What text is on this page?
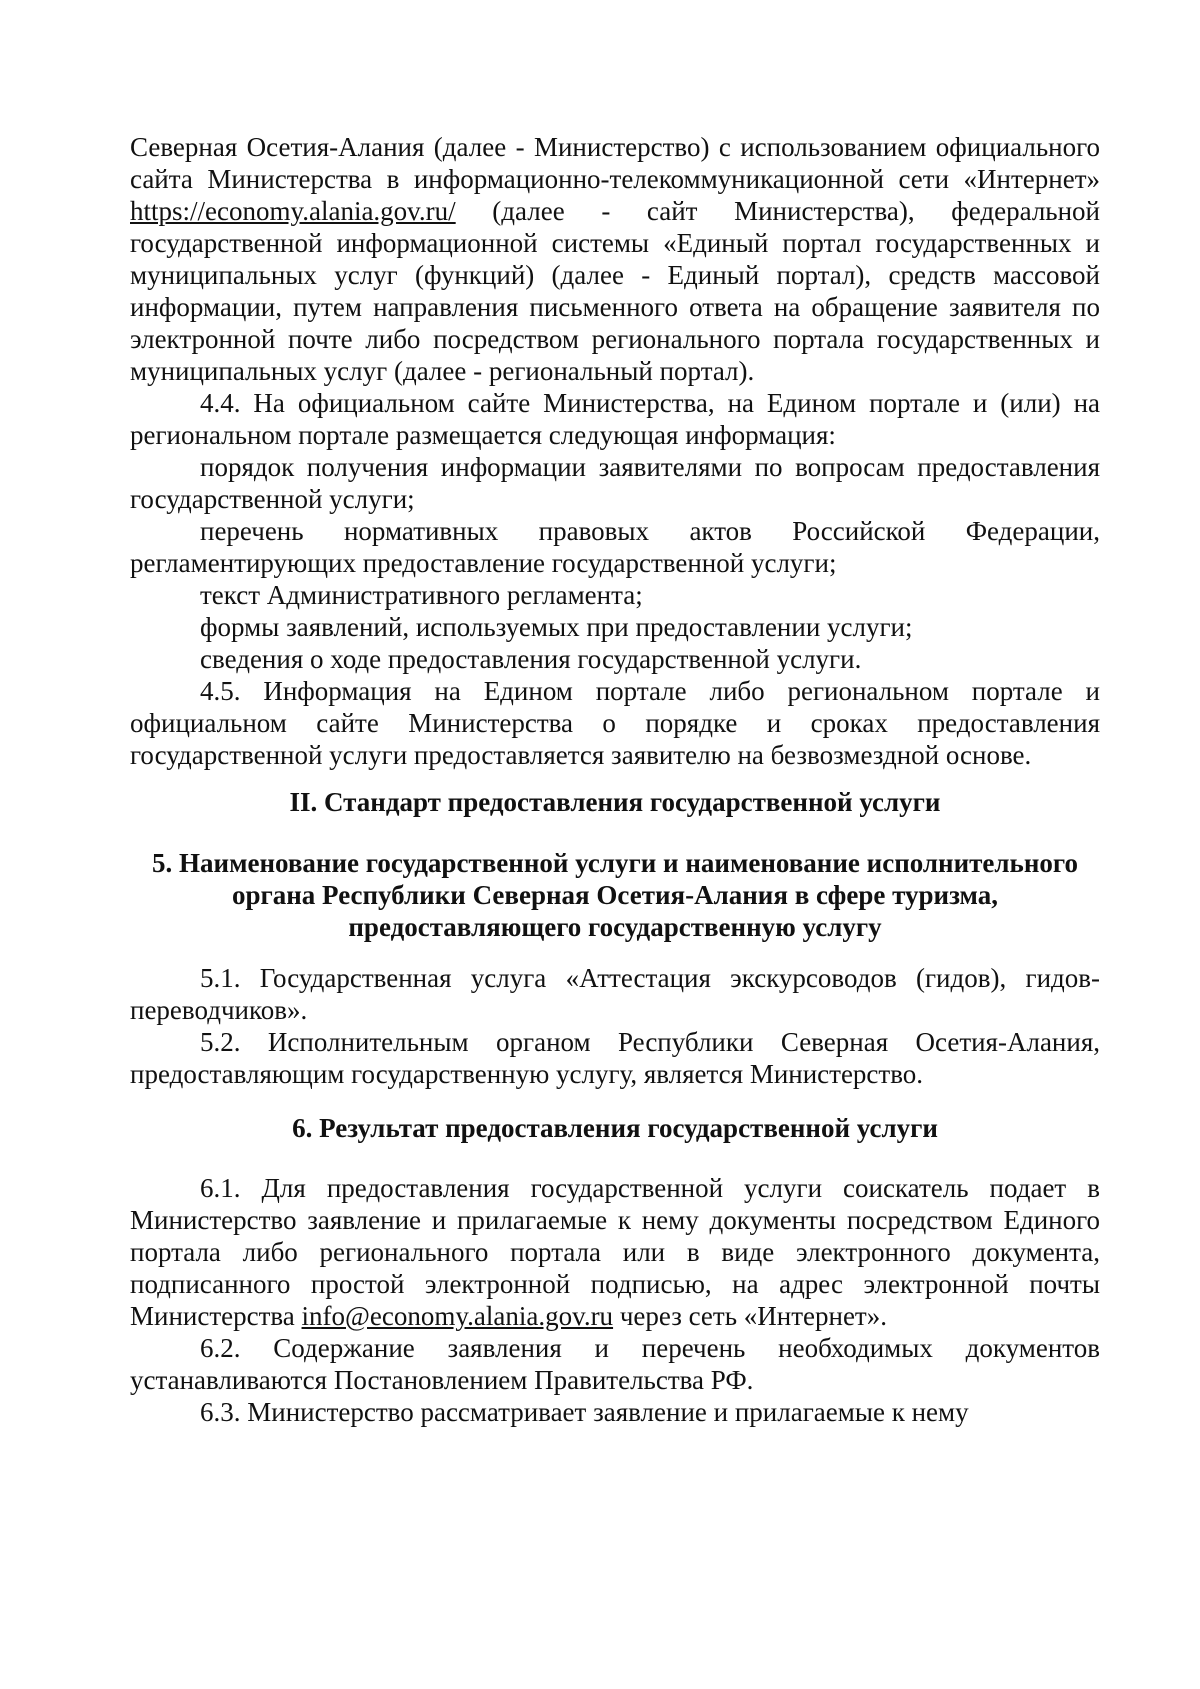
Северная Осетия-Алания (далее - Министерство) с использованием официального сайта Министерства в информационно-телекоммуникационной сети «Интернет» https://economy.alania.gov.ru/ (далее - сайт Министерства), федеральной государственной информационной системы «Единый портал государственных и муниципальных услуг (функций) (далее - Единый портал), средств массовой информации, путем направления письменного ответа на обращение заявителя по электронной почте либо посредством регионального портала государственных и муниципальных услуг (далее - региональный портал).

4.4. На официальном сайте Министерства, на Едином портале и (или) на региональном портале размещается следующая информация:

порядок получения информации заявителями по вопросам предоставления государственной услуги;

перечень нормативных правовых актов Российской Федерации, регламентирующих предоставление государственной услуги;

текст Административного регламента;

формы заявлений, используемых при предоставлении услуги;

сведения о ходе предоставления государственной услуги.

4.5. Информация на Едином портале либо региональном портале и официальном сайте Министерства о порядке и сроках предоставления государственной услуги предоставляется заявителю на безвозмездной основе.

II. Стандарт предоставления государственной услуги

5. Наименование государственной услуги и наименование исполнительного

органа Республики Северная Осетия-Алания в сфере туризма,

предоставляющего государственную услугу

5.1. Государственная услуга «Аттестация экскурсоводов (гидов), гидов-переводчиков».

5.2. Исполнительным органом Республики Северная Осетия-Алания, предоставляющим государственную услугу, является Министерство.

6. Результат предоставления государственной услуги

6.1. Для предоставления государственной услуги соискатель подает в Министерство заявление и прилагаемые к нему документы посредством Единого портала либо регионального портала или в виде электронного документа, подписанного простой электронной подписью, на адрес электронной почты Министерства info@economy.alania.gov.ru через сеть «Интернет».

6.2. Содержание заявления и перечень необходимых документов устанавливаются Постановлением Правительства РФ.

6.3. Министерство рассматривает заявление и прилагаемые к нему
